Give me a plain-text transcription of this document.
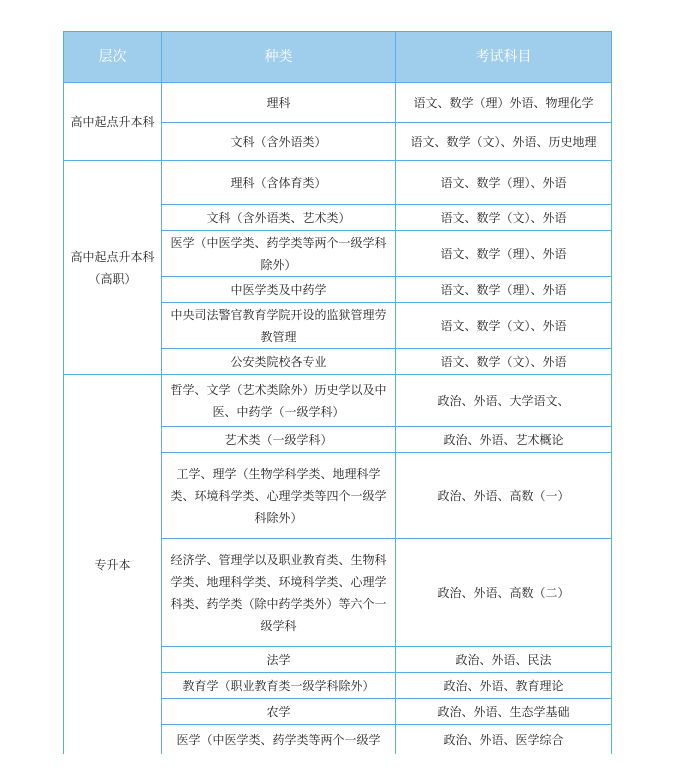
层次	种类	考试科目
高中起点升本科	理科	语文、数学（理）外语、物理化学
	文科（含外语类）	语文、数学（文）、外语、历史地理
高中起点升本科（高职）	理科（含体育类）	语文、数学（理）、外语
	文科（含外语类、艺术类）	语文、数学（文）、外语
	医学（中医学类、药学类等两个一级学科除外）	语文、数学（理）、外语
	中医学类及中药学	语文、数学（理）、外语
	中央司法警官教育学院开设的监狱管理劳教管理	语文、数学（文）、外语
	公安类院校各专业	语文、数学（文）、外语
专升本	哲学、文学（艺术类除外）历史学以及中医、中药学（一级学科）	政治、外语、大学语文、
	艺术类（一级学科）	政治、外语、艺术概论
	工学、理学（生物学科学类、地理科学类、环境科学类、心理学类等四个一级学科除外）	政治、外语、高数（一）
	经济学、管理学以及职业教育类、生物科学类、地理科学类、环境科学类、心理学科类、药学类（除中药学类外）等六个一级学科	政治、外语、高数（二）
	法学	政治、外语、民法
	教育学（职业教育类一级学科除外）	政治、外语、教育理论
	农学	政治、外语、生态学基础
	医学（中医学类、药学类等两个一级学	政治、外语、医学综合
